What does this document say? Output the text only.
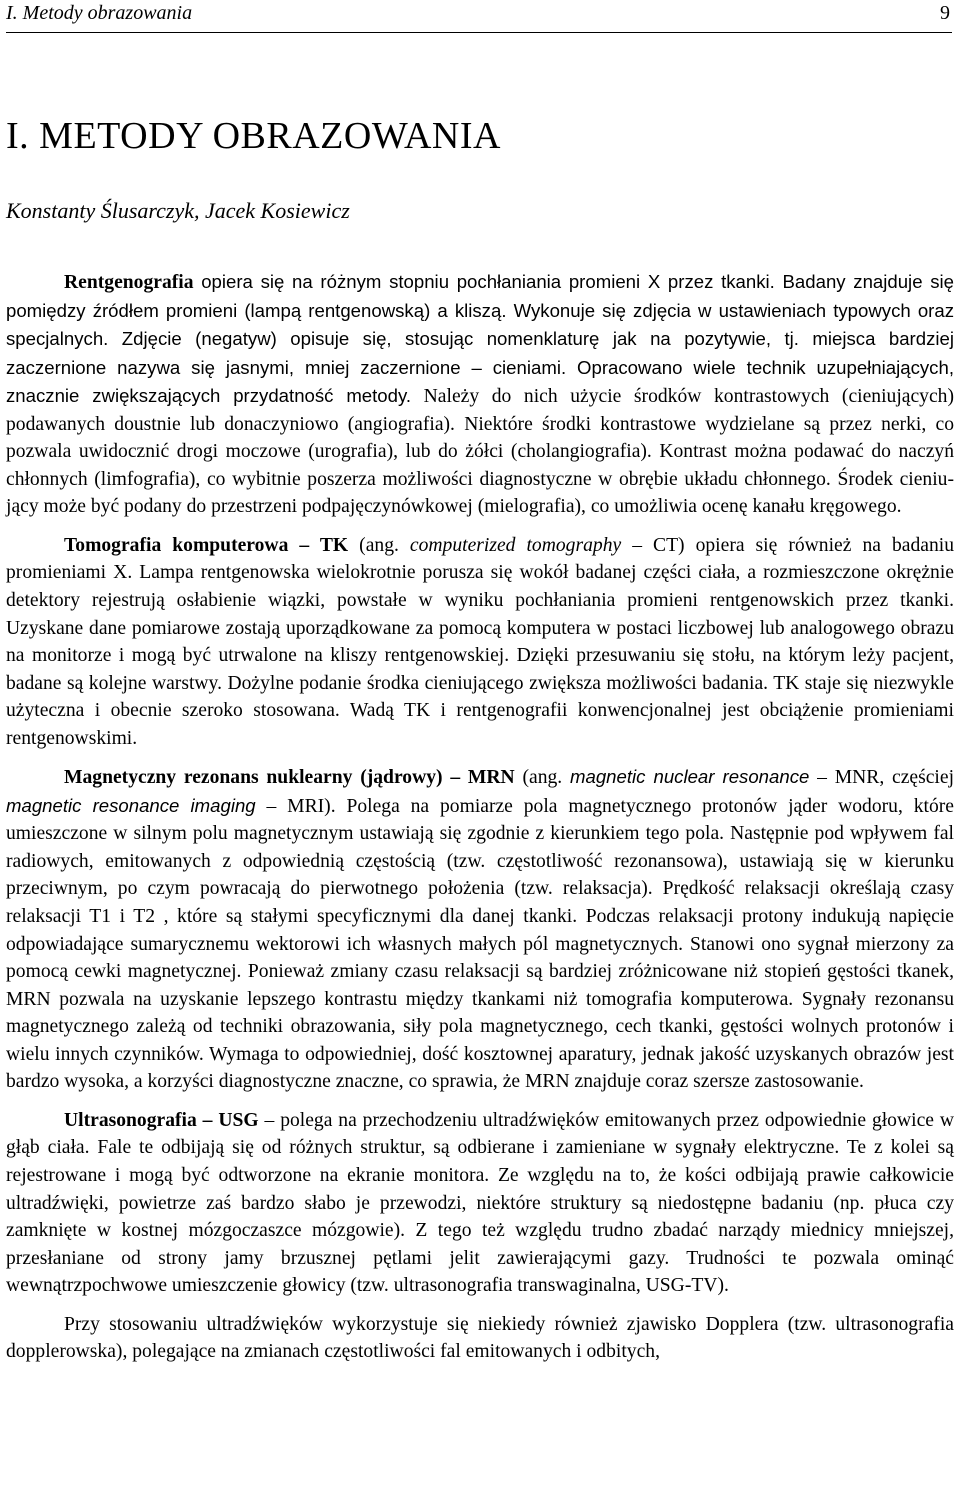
I. Metody obrazowania	9
I. METODY OBRAZOWANIA

Konstanty Ślusarczyk, Jacek Kosiewicz

Rentgenografia opiera się na różnym stopniu pochłaniania promieni X przez tkanki. Badany znajduje się pomiędzy źródłem promieni (lampą rentgenowską) a kliszą. Wykonuje się zdjęcia w ustawieniach typowych oraz specjalnych. Zdjęcie (negatyw) opisuje się, stosując nomenklaturę jak na pozytywie, tj. miejsca bardziej zaczernione nazywa się jasnymi, mniej zaczernione – cieniami. Opracowano wiele technik uzupełniających, znacznie zwiększających przydatność metody. Należy do nich użycie środków kontrastowych (cieniujących) podawanych doustnie lub donaczyniowo (angiografia). Niektóre środki kontrastowe wydzielane są przez nerki, co pozwala uwidocznić drogi moczowe (urografia), lub do żółci (cholangiografia). Kontrast można podawać do naczyń chłonnych (limfografia), co wybitnie poszerza możliwości diagnostyczne w obrębie układu chłonnego. Środek cieniujący może być podany do przestrzeni podpajęczynówkowej (mielografia), co umożliwia ocenę kanału kręgowego.

Tomografia komputerowa – TK (ang. computerized tomography – CT) opiera się również na badaniu promieniami X. Lampa rentgenowska wielokrotnie porusza się wokół badanej części ciała, a rozmieszczone okrężnie detektory rejestrują osłabienie wiązki, powstałe w wyniku pochłaniania promieni rentgenowskich przez tkanki. Uzyskane dane pomiarowe zostają uporządkowane za pomocą komputera w postaci liczbowej lub analogowego obrazu na monitorze i mogą być utrwalone na kliszy rentgenowskiej. Dzięki przesuwaniu się stołu, na którym leży pacjent, badane są kolejne warstwy. Dożylne podanie środka cieniującego zwiększa możliwości badania. TK staje się niezwykle użyteczna i obecnie szeroko stosowana. Wadą TK i rentgenografii konwencjonalnej jest obciążenie promieniami rentgenowskimi.

Magnetyczny rezonans nuklearny (jądrowy) – MRN (ang. magnetic nuclear resonance – MNR, częściej magnetic resonance imaging – MRI). Polega na pomiarze pola magnetycznego protonów jąder wodoru, które umieszczone w silnym polu magnetycznym ustawiają się zgodnie z kierunkiem tego pola. Następnie pod wpływem fal radiowych, emitowanych z odpowiednią częstością (tzw. częstotliwość rezonansowa), ustawiają się w kierunku przeciwnym, po czym powracają do pierwotnego położenia (tzw. relaksacja). Prędkość relaksacji określają czasy relaksacji T1 i T2 , które są stałymi specyficznymi dla danej tkanki. Podczas relaksacji protony indukują napięcie odpowiadające sumarycznemu wektorowi ich własnych małych pól magnetycznych. Stanowi ono sygnał mierzony za pomocą cewki magnetycznej. Ponieważ zmiany czasu relaksacji są bardziej zróżnicowane niż stopień gęstości tkanek, MRN pozwala na uzyskanie lepszego kontrastu między tkankami niż tomografia komputerowa. Sygnały rezonansu magnetycznego zależą od techniki obrazowania, siły pola magnetycznego, cech tkanki, gęstości wolnych protonów i wielu innych czynników. Wymaga to odpowiedniej, dość kosztownej aparatury, jednak jakość uzyskanych obrazów jest bardzo wysoka, a korzyści diagnostyczne znaczne, co sprawia, że MRN znajduje coraz szersze zastosowanie.

Ultrasonografia – USG – polega na przechodzeniu ultradźwięków emitowanych przez odpowiednie głowice w głąb ciała. Fale te odbijają się od różnych struktur, są odbierane i zamieniane w sygnały elektryczne. Te z kolei są rejestrowane i mogą być odtworzone na ekranie monitora. Ze względu na to, że kości odbijają prawie całkowicie ultradźwięki, powietrze zaś bardzo słabo je przewodzi, niektóre struktury są niedostępne badaniu (np. płuca czy zamknięte w kostnej mózgoczaszce mózgowie). Z tego też względu trudno zbadać narządy miednicy mniejszej, przesłaniane od strony jamy brzusznej pętlami jelit zawierającymi gazy. Trudności te pozwala ominąć wewnątrzpochwowe umieszczenie głowicy (tzw. ultrasonografia transwaginalna, USG-TV).

Przy stosowaniu ultradźwięków wykorzystuje się niekiedy również zjawisko Dopplera (tzw. ultrasonografia dopplerowska), polegające na zmianach częstotliwości fal emitowanych i odbitych,
